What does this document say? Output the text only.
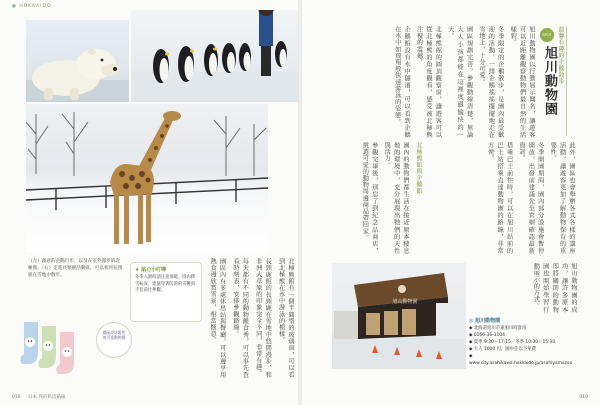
● HOKKAIDO

北極熊館有一個半圓型的玻璃窗，可以看到北極熊在水中游泳的模樣。

長頸鹿館的長頸鹿在雪地中悠閒漫步，和非洲大草原的印象完全不同，非常有趣。

每天都有不同的動物餵食秀，可以事先查看時刻表，安排參觀路線。

園區內有多處休息站與餐廳，可以邊享用熱食邊欣賞雪景，相當愜意。

（左）創意的企鵝行步，以及在室外漫步的北極熊。（右）走進長頸鹿活動區，可以看到長頸鹿在雪地中散步。
★ 貼心小叮嚀
冬季入園時請注意保暖，園內積雪較深，建議穿著防滑的雪靴與手套前往參觀。
園區商店販售的可愛動物襪
018 日本 我的私房路線
SPOT
旭川動物園 溫馨有趣的企鵝散步

旭川動物園以行動展示聞名，讓遊客可以近距離觀察動物們最自然的生活樣貌。

冬季限定的企鵝散步，是園內最受歡迎的活動，一排企鵝搖搖擺擺地走在雪地上，十分可愛。

園區規劃完善，參觀動線清楚，無論大人小孩都能在這裡度過愉快的一天。

北極熊館的圓頂觀察窗，讓遊客可以從北極熊的角度觀看，感受被北極熊注視的震撼。

企鵝館設有水中隧道，可以看到企鵝在水中如飛翔般快速游泳的姿態。

北極熊館與企鵝館

園內的動物們都生活在接近原本棲息地的環境中，充分展現出牠們的天性與活力。

參觀完畢後，別忘了到紀念品商店，挑選可愛的動物周邊商品帶回家。	此外，園區也會舉辦各式各樣的講座活動，讓遊客更加了解動物保育的重要性。

冬季開園期間，園內部分設施會暫停開放，出發前建議先至官網確認最新資訊。

搭乘巴士前往時，可以在旭川站前的巴士站搭乘直達動物園的路線，非常方便。

旭山動物園的成功，讓許多原本即將關閉的動物園也開始學習行動展示的方式。

旭山動物園
◎ 旭川動物園
◆ 北海道旭川市東旭川町倉沼
◆ 0166-36-1104
◆ 夏季 9:30～17:15／冬季 10:30～15:30
◆ 大人 1000 円、國中生以下免費
◆ www.city.asahikawa.hokkaido.jp/asahiyamazoo
019
